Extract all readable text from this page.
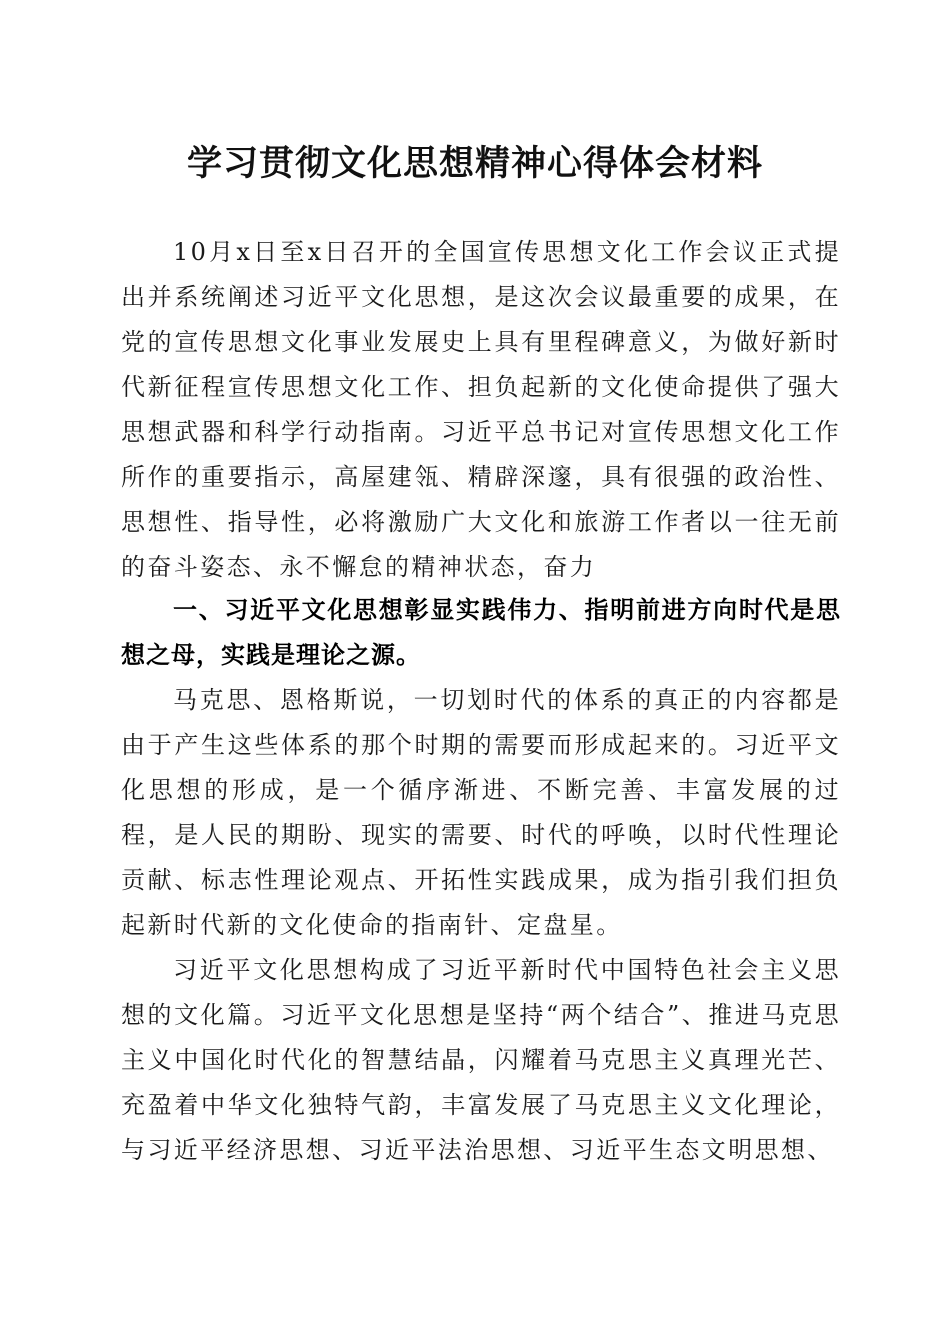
学习贯彻文化思想精神心得体会材料

10月x日至x日召开的全国宣传思想文化工作会议正式提出并系统阐述习近平文化思想，是这次会议最重要的成果，在党的宣传思想文化事业发展史上具有里程碑意义，为做好新时代新征程宣传思想文化工作、担负起新的文化使命提供了强大思想武器和科学行动指南。习近平总书记对宣传思想文化工作所作的重要指示，高屋建瓴、精辟深邃，具有很强的政治性、思想性、指导性，必将激励广大文化和旅游工作者以一往无前的奋斗姿态、永不懈怠的精神状态，奋力

一、习近平文化思想彰显实践伟力、指明前进方向时代是思想之母，实践是理论之源。

马克思、恩格斯说，一切划时代的体系的真正的内容都是由于产生这些体系的那个时期的需要而形成起来的。习近平文化思想的形成，是一个循序渐进、不断完善、丰富发展的过程，是人民的期盼、现实的需要、时代的呼唤，以时代性理论贡献、标志性理论观点、开拓性实践成果，成为指引我们担负起新时代新的文化使命的指南针、定盘星。

习近平文化思想构成了习近平新时代中国特色社会主义思想的文化篇。习近平文化思想是坚持“两个结合”、推进马克思主义中国化时代化的智慧结晶，闪耀着马克思主义真理光芒、充盈着中华文化独特气韵，丰富发展了马克思主义文化理论，与习近平经济思想、习近平法治思想、习近平生态文明思想、
